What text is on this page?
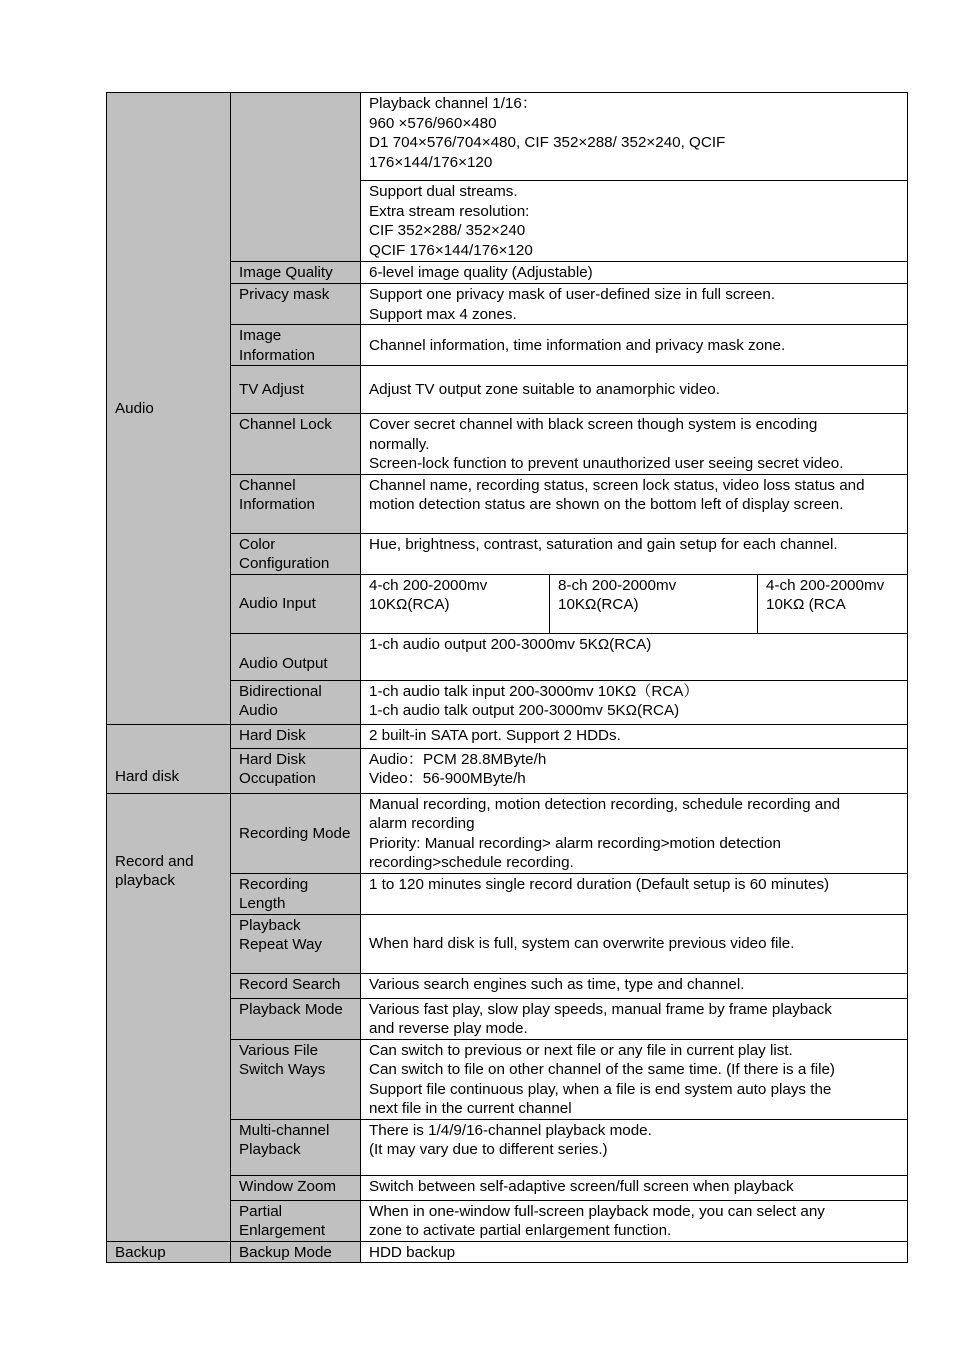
Audio		Playback channel 1/16：
960 ×576/960×480
D1 704×576/704×480, CIF 352×288/ 352×240, QCIF
176×144/176×120		

		Support dual streams.
Extra stream resolution:
CIF 352×288/ 352×240
QCIF 176×144/176×120		

	Image Quality	6-level image quality (Adjustable)		

	Privacy mask	Support one privacy mask of user-defined size in full screen.
Support max 4 zones.		

	Image Information	Channel information, time information and privacy mask zone.		

	TV Adjust	Adjust TV output zone suitable to anamorphic video.		

	Channel Lock	Cover secret channel with black screen though system is encoding
normally.
Screen-lock function to prevent unauthorized user seeing secret video.		

	Channel Information	Channel name, recording status, screen lock status, video loss status and motion detection status are shown on the bottom left of display screen.		

	Color Configuration	Hue, brightness, contrast, saturation and gain setup for each channel.		

	Audio Input	4-ch 200-2000mv 10KΩ(RCA)	8-ch 200-2000mv 10KΩ(RCA)	4-ch 200-2000mv 10KΩ (RCA

	Audio Output	1-ch audio output 200-3000mv 5KΩ(RCA)		

	Bidirectional Audio	1-ch audio talk input 200-3000mv 10KΩ（RCA）
1-ch audio talk output 200-3000mv 5KΩ(RCA)		

Hard disk	Hard Disk	2 built-in SATA port. Support 2 HDDs.		

	Hard Disk Occupation	Audio：PCM 28.8MByte/h
Video：56-900MByte/h		

Record and playback	Recording Mode	Manual recording, motion detection recording, schedule recording and
alarm recording
Priority: Manual recording> alarm recording>motion detection
recording>schedule recording.		

	Recording Length	1 to 120 minutes single record duration (Default setup is 60 minutes)		

	Playback Repeat Way	When hard disk is full, system can overwrite previous video file.		

	Record Search	Various search engines such as time, type and channel.		

	Playback Mode	Various fast play, slow play speeds, manual frame by frame playback
and reverse play mode.		

	Various File Switch Ways	Can switch to previous or next file or any file in current play list.
Can switch to file on other channel of the same time. (If there is a file)
Support file continuous play, when a file is end system auto plays the
next file in the current channel		

	Multi-channel Playback	There is 1/4/9/16-channel playback mode.
(It may vary due to different series.)		

	Window Zoom	Switch between self-adaptive screen/full screen when playback		

	Partial Enlargement	When in one-window full-screen playback mode, you can select any
zone to activate partial enlargement function.		

Backup	Backup Mode	HDD backup		
